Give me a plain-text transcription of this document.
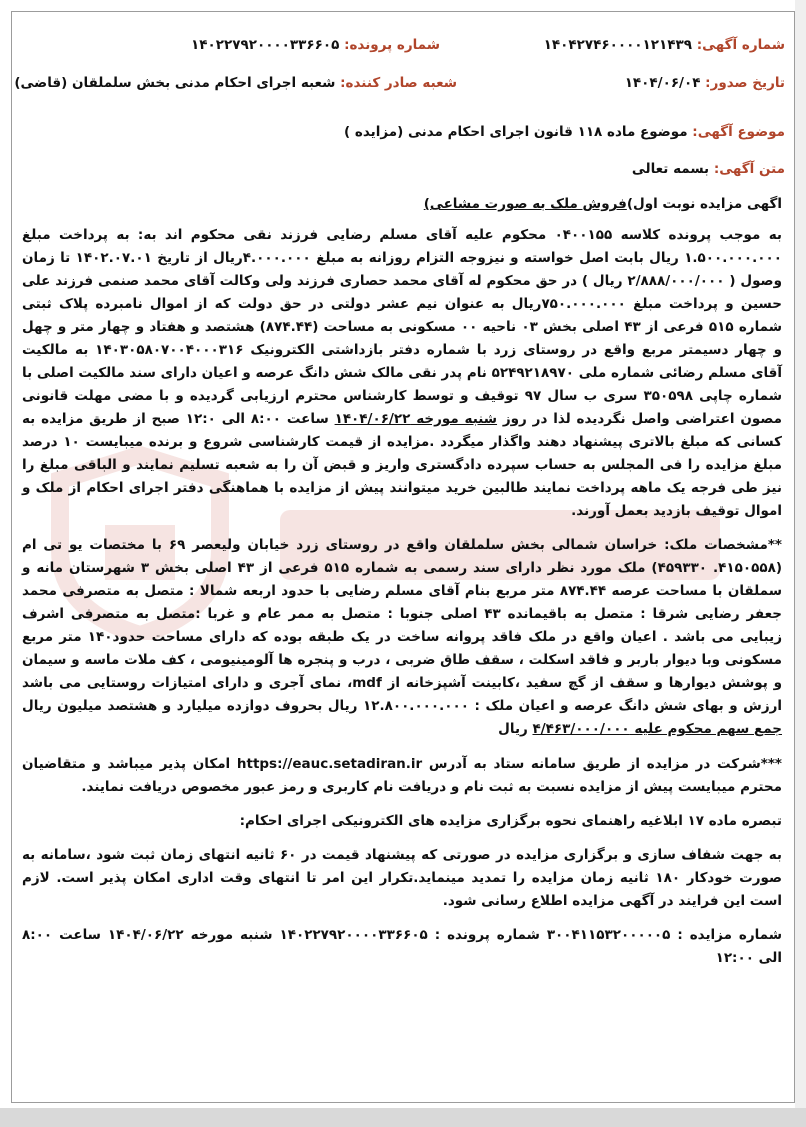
شماره آگهی: ۱۴۰۴۲۷۴۶۰۰۰۰۱۲۱۴۳۹
شماره پرونده: ۱۴۰۲۲۷۹۲۰۰۰۰۳۳۶۶۰۵
تاریخ صدور: ۱۴۰۴/۰۶/۰۴
شعبه صادر کننده: شعبه اجرای احکام مدنی بخش سلملقان (قاضی)
موضوع آگهی: موضوع ماده ۱۱۸ قانون اجرای احکام مدنی (مزایده )
متن آگهی: بسمه تعالی

اگهی مزایده نوبت اول)فروش ملک به صورت مشاعی)

به موجب پرونده کلاسه ۰۴۰۰۱۵۵ محکوم علیه آقای مسلم رضایی فرزند نقی محکوم اند به: به پرداخت مبلغ ۱.۵۰۰.۰۰۰.۰۰۰ ریال بابت اصل خواسته و نیزوجه التزام روزانه به مبلغ ۴.۰۰۰.۰۰۰ریال از تاریخ ۱۴۰۲.۰۷.۰۱ تا زمان وصول ( ۲/۸۸۸/۰۰۰/۰۰۰ ریال ) در حق محکوم له آقای محمد حصاری فرزند ولی وکالت آقای محمد صنمی فرزند علی حسین و پرداخت مبلغ ۷۵۰.۰۰۰.۰۰۰ریال به عنوان نیم عشر دولتی در حق دولت که از اموال نامبرده پلاک ثبتی شماره ۵۱۵ فرعی از ۴۳ اصلی بخش ۰۳ ناحیه ۰۰ مسکونی به مساحت (۸۷۴.۴۴) هشتصد و هفتاد و چهار متر و چهل و چهار دسیمتر مربع واقع در روستای زرد با شماره دفتر بازداشتی الکترونیک ۱۴۰۳۰۵۸۰۷۰۰۴۰۰۰۳۱۶ به مالکیت آقای مسلم رضائی شماره ملی ۵۲۴۹۲۱۸۹۷۰ نام پدر نقی مالک شش دانگ عرصه و اعیان دارای سند مالکیت اصلی با شماره چاپی ۳۵۰۵۹۸ سری ب سال ۹۷ توقیف و توسط کارشناس محترم ارزیابی گردیده و با مضی مهلت قانونی مصون اعتراضی واصل نگردیده لذا در روز شنبه مورخه ۱۴۰۴/۰۶/۲۲ ساعت ۸:۰۰ الی ۱۲:۰ صبح از طریق مزایده به کسانی که مبلغ بالاتری پیشنهاد دهند واگذار میگردد .مزایده از قیمت کارشناسی شروع و برنده میبایست ۱۰ درصد مبلغ مزایده را فی المجلس به حساب سپرده دادگستری واریز و قبض آن را به شعبه تسلیم نمایند و الباقی مبلغ را نیز طی فرجه یک ماهه پرداخت نمایند طالبین خرید میتوانند پیش از مزایده با هماهنگی دفتر اجرای احکام از ملک و اموال توقیف بازدید بعمل آورند.

**مشخصات ملک: خراسان شمالی بخش سلملقان واقع در روستای زرد خیابان ولیعصر ۶۹ با مختصات یو تی ام (۴۱۵۰۵۵۸. ۴۵۹۳۳۰) ملک مورد نظر دارای سند رسمی به شماره ۵۱۵ فرعی از ۴۳ اصلی بخش ۳ شهرستان مانه و سملقان با مساحت عرصه ۸۷۴.۴۴ متر مربع بنام آقای مسلم رضایی با حدود اربعه شمالا : متصل به متصرفی محمد جعفر رضایی شرقا : متصل به باقیمانده ۴۳ اصلی جنوبا : متصل به ممر عام و غربا :متصل به متصرفی اشرف زیبایی می باشد . اعیان واقع در ملک فاقد پروانه ساخت در یک طبقه بوده که دارای مساحت حدود۱۴۰ متر مربع مسکونی وبا دیوار باربر و فاقد اسکلت ، سقف طاق ضربی ، درب و پنجره ها آلومینیومی ، کف ملات ماسه و سیمان و پوشش دیوارها و سقف از گچ سفید ،کابینت آشپزخانه از mdf، نمای آجری و دارای امتیازات روستایی می باشد ارزش و بهای شش دانگ عرصه و اعیان ملک : ۱۲.۸۰۰.۰۰۰.۰۰۰ ریال بحروف دوازده میلیارد و هشتصد میلیون ریال جمع سهم محکوم علیه ۴/۴۶۳/۰۰۰/۰۰۰ ریال

***شرکت در مزایده از طریق سامانه ستاد به آدرس https://eauc.setadiran.ir امکان پذیر میباشد و متقاضیان محترم میبایست پیش از مزایده نسبت به ثبت نام و دریافت نام کاربری و رمز عبور مخصوص دریافت نمایند.

تبصره ماده ۱۷ ابلاغیه راهنمای نحوه برگزاری مزایده های الکترونیکی اجرای احکام:

به جهت شفاف سازی و برگزاری مزایده در صورتی که پیشنهاد قیمت در ۶۰ ثانیه انتهای زمان ثبت شود ،سامانه به صورت خودکار ۱۸۰ ثانیه زمان مزایده را تمدید مینماید.تکرار این امر تا انتهای وقت اداری امکان پذیر است. لازم است این فرایند در آگهی مزایده اطلاع رسانی شود.

شماره مزایده : ۳۰۰۴۱۱۵۳۲۰۰۰۰۰۵ شماره پرونده : ۱۴۰۲۲۷۹۲۰۰۰۰۳۳۶۶۰۵ شنبه مورخه ۱۴۰۴/۰۶/۲۲ ساعت ۸:۰۰ الی ۱۲:۰۰
